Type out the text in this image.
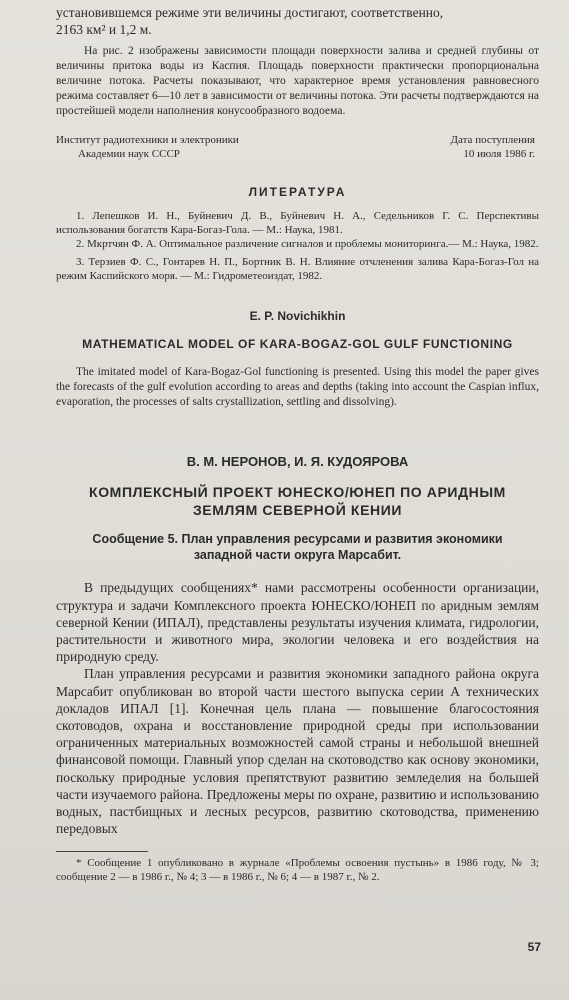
установившемся режиме эти величины достигают, соответственно,

2163 км² и 1,2 м.

На рис. 2 изображены зависимости площади поверхности залива и средней глубины от величины притока воды из Каспия. Площадь поверхности практически пропорциональна величине потока. Расчеты показывают, что характерное время установления равновесного режима составляет 6—10 лет в зависимости от величины потока. Эти расчеты подтверждаются на простейшей модели наполнения конусообразного водоема.

Институт радиотехники и электроники
Академии наук СССР
Дата поступления
10 июля 1986 г.
ЛИТЕРАТУРА

1. Лепешков И. Н., Буйневич Д. В., Буйневич Н. А., Седельников Г. С. Перспективы использования богатств Кара-Богаз-Гола. — М.: Наука, 1981.

2. Мкртчян Ф. А. Оптимальное различение сигналов и проблемы мониторинга.— М.: Наука, 1982.

3. Терзиев Ф. С., Гонтарев Н. П., Бортник В. Н. Влияние отчленения залива Кара-Богаз-Гол на режим Каспийского моря. — М.: Гидрометеоиздат, 1982.

E. P. Novichikhin
MATHEMATICAL MODEL OF KARA-BOGAZ-GOL GULF FUNCTIONING

The imitated model of Kara-Bogaz-Gol functioning is presented. Using this model the paper gives the forecasts of the gulf evolution according to areas and depths (taking into account the Caspian influx, evaporation, the processes of salts crystallization, settling and dissolving).

В. М. НЕРОНОВ, И. Я. КУДОЯРОВА
КОМПЛЕКСНЫЙ ПРОЕКТ ЮНЕСКО/ЮНЕП ПО АРИДНЫМ
ЗЕМЛЯМ СЕВЕРНОЙ КЕНИИ
Сообщение 5. План управления ресурсами и развития экономики
западной части округа Марсабит.

В предыдущих сообщениях* нами рассмотрены особенности организации, структура и задачи Комплексного проекта ЮНЕСКО/ЮНЕП по аридным землям северной Кении (ИПАЛ), представлены результаты изучения климата, гидрологии, растительности и животного мира, экологии человека и его воздействия на природную среду.

План управления ресурсами и развития экономики западного района округа Марсабит опубликован во второй части шестого выпуска серии А технических докладов ИПАЛ [1]. Конечная цель плана — повышение благосостояния скотоводов, охрана и восстановление природной среды при использовании ограниченных материальных возможностей самой страны и небольшой внешней финансовой помощи. Главный упор сделан на скотоводство как основу экономики, поскольку природные условия препятствуют развитию земледелия на большей части изучаемого района. Предложены меры по охране, развитию и использованию водных, пастбищных и лесных ресурсов, развитию скотоводства, применению передовых

* Сообщение 1 опубликовано в журнале «Проблемы освоения пустынь» в 1986 году, № 3; сообщение 2 — в 1986 г., № 4; 3 — в 1986 г., № 6; 4 — в 1987 г., № 2.

57
